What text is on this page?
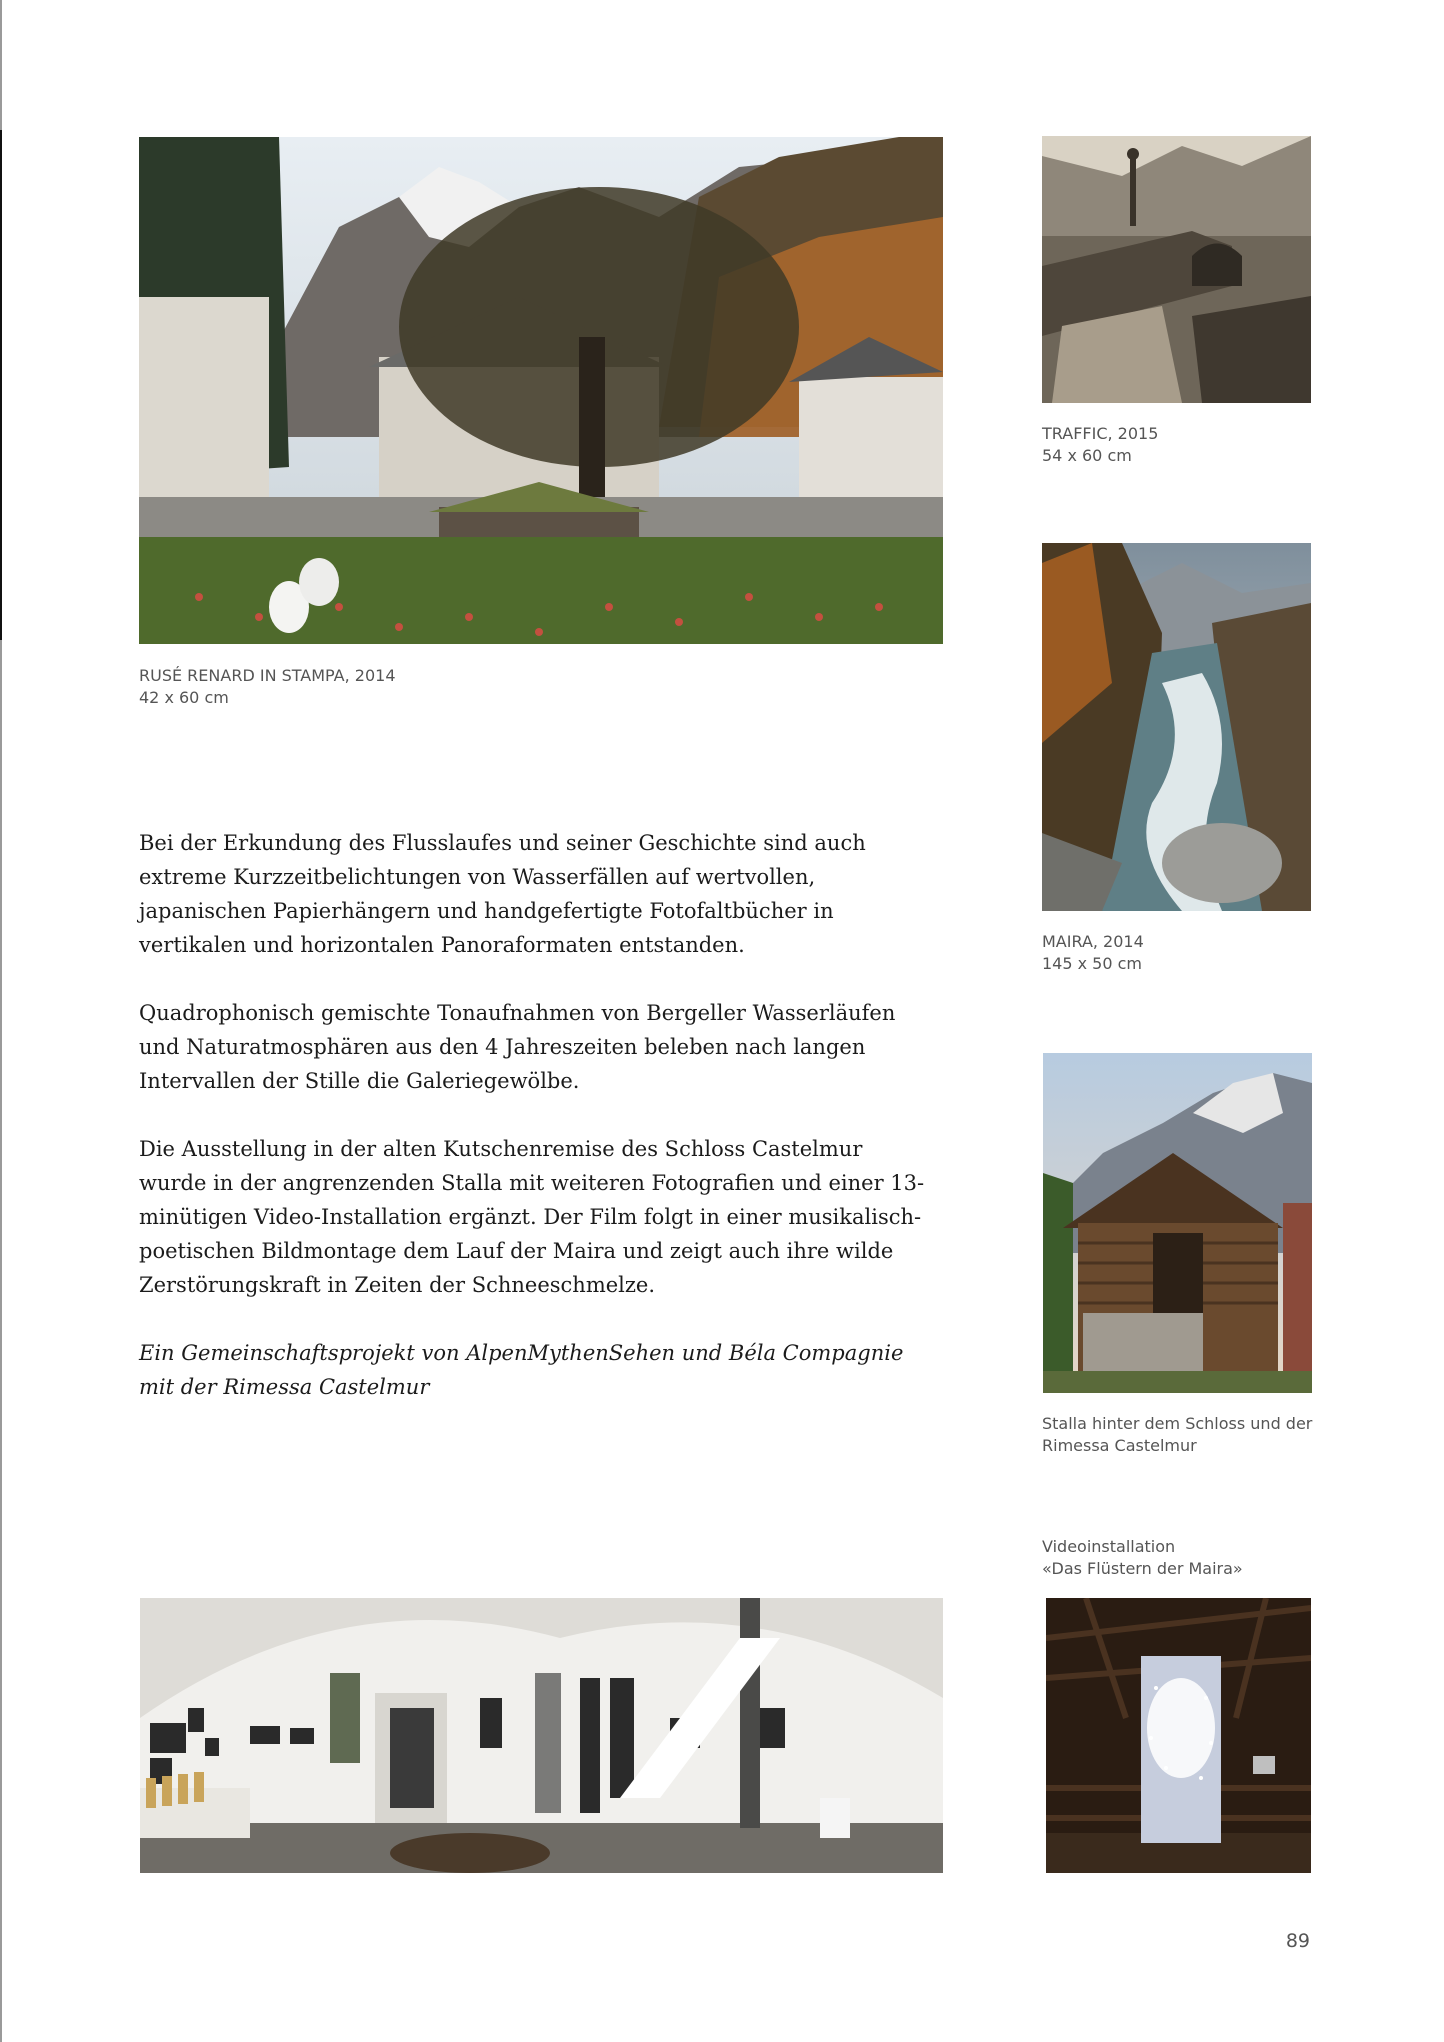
RUSÉ RENARD IN STAMPA, 2014
42 x 60 cm
TRAFFIC, 2015
54 x 60 cm
MAIRA, 2014
145 x 50 cm
Stalla hinter dem Schloss und der
Rimessa Castelmur
Videoinstallation
«Das Flüstern der Maira»

Bei der Erkundung des Flusslaufes und seiner Geschichte sind auch extreme Kurzzeitbelichtungen von Wasserfällen auf wertvollen, japanischen Papierhängern und handgefertigte Fotofaltbücher in vertikalen und horizontalen Panoraformaten entstanden.

Quadrophonisch gemischte Tonaufnahmen von Bergeller Wasserläufen und Naturatmosphären aus den 4 Jahreszeiten beleben nach langen Intervallen der Stille die Galeriegewölbe.

Die Ausstellung in der alten Kutschenremise des Schloss Castelmur wurde in der angrenzenden Stalla mit weiteren Fotografien und einer 13-minütigen Video-Installation ergänzt. Der Film folgt in einer musikalisch-poetischen Bildmontage dem Lauf der Maira und zeigt auch ihre wilde Zerstörungskraft in Zeiten der Schneeschmelze.

Ein Gemeinschaftsprojekt von AlpenMythenSehen und Béla Compagnie
mit der Rimessa Castelmur

89
